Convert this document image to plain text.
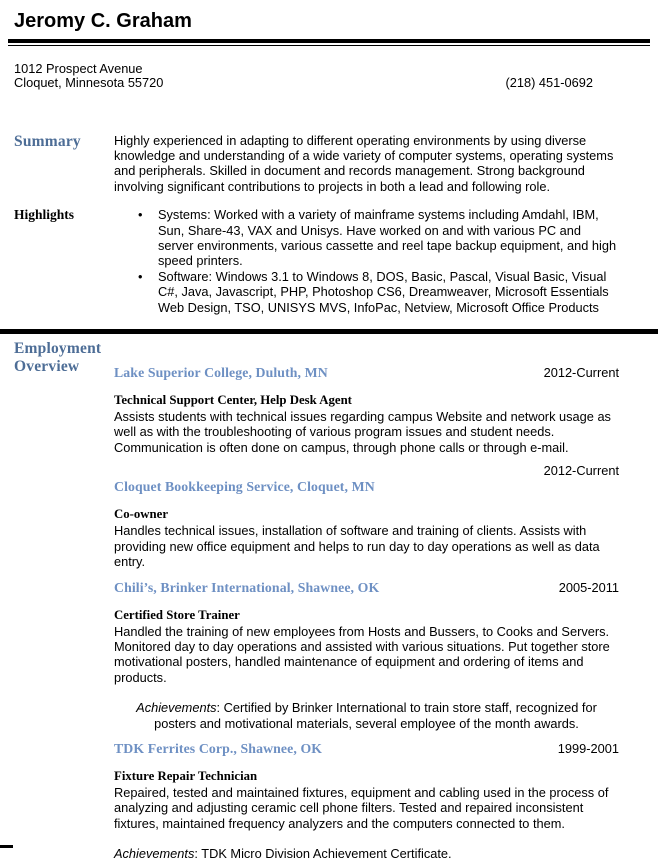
Jeromy C. Graham
1012 Prospect Avenue
Cloquet, Minnesota 55720	(218) 451-0692
Summary	Highly experienced in adapting to different operating environments by using diverse knowledge and understanding of a wide variety of computer systems, operating systems and peripherals. Skilled in document and records management. Strong background involving significant contributions to projects in both a lead and following role.

Highlights	•	Systems: Worked with a variety of mainframe systems including Amdahl, IBM, Sun, Share-43, VAX and Unisys. Have worked on and with various PC and server environments, various cassette and reel tape backup equipment, and high speed printers.
•	Software: Windows 3.1 to Windows 8, DOS, Basic, Pascal, Visual Basic, Visual C#, Java, Javascript, PHP, Photoshop CS6, Dreamweaver, Microsoft Essentials Web Design, TSO, UNISYS MVS, InfoPac, Netview, Microsoft Office Products
Employment
Overview	Lake Superior College, Duluth, MN	2012-Current
Technical Support Center, Help Desk Agent

Assists students with technical issues regarding campus Website and network usage as well as with the troubleshooting of various program issues and student needs. Communication is often done on campus, through phone calls or through e-mail.

2012-Current
Cloquet Bookkeeping Service, Cloquet, MN
Co-owner

Handles technical issues, installation of software and training of clients. Assists with providing new office equipment and helps to run day to day operations as well as data entry.

Chili’s, Brinker International, Shawnee, OK	2005-2011
Certified Store Trainer

Handled the training of new employees from Hosts and Bussers, to Cooks and Servers. Monitored day to day operations and assisted with various situations. Put together store motivational posters, handled maintenance of equipment and ordering of items and products.

Achievements: Certified by Brinker International to train store staff, recognized for posters and motivational materials, several employee of the month awards.

TDK Ferrites Corp., Shawnee, OK	1999-2001
Fixture Repair Technician

Repaired, tested and maintained fixtures, equipment and cabling used in the process of analyzing and adjusting ceramic cell phone filters. Tested and repaired inconsistent fixtures, maintained frequency analyzers and the computers connected to them.

Achievements: TDK Micro Division Achievement Certificate.
